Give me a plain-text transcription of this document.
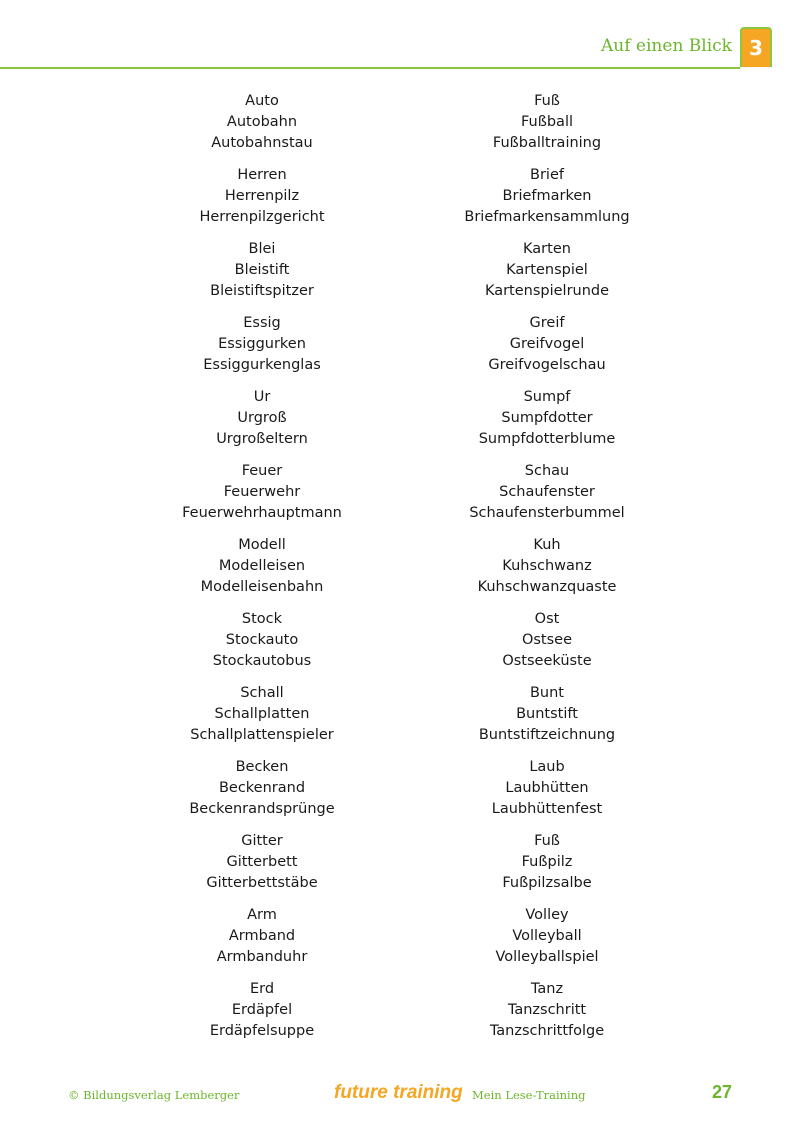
Auf einen Blick 3
Auto
Autobahn
Autobahnstau
Herren
Herrenpilz
Herrenpilzgericht
Blei
Bleistift
Bleistiftspitzer
Essig
Essiggurken
Essiggurkenglas
Ur
Urgroß
Urgroßeltern
Feuer
Feuerwehr
Feuerwehrhauptmann
Modell
Modelleisen
Modelleisenbahn
Stock
Stockauto
Stockautobus
Schall
Schallplatten
Schallplattenspieler
Becken
Beckenrand
Beckenrandsprünge
Gitter
Gitterbett
Gitterbettstäbe
Arm
Armband
Armbanduhr
Erd
Erdäpfel
Erdäpfelsuppe
Fuß
Fußball
Fußballtraining
Brief
Briefmarken
Briefmarkensammlung
Karten
Kartenspiel
Kartenspielrunde
Greif
Greifvogel
Greifvogelschau
Sumpf
Sumpfdotter
Sumpfdotterblume
Schau
Schaufenster
Schaufensterbummel
Kuh
Kuhschwanz
Kuhschwanzquaste
Ost
Ostsee
Ostseeküste
Bunt
Buntstift
Buntstiftzeichnung
Laub
Laubhütten
Laubhüttenfest
Fuß
Fußpilz
Fußpilzsalbe
Volley
Volleyball
Volleyballspiel
Tanz
Tanzschritt
Tanzschrittfolge
© Bildungsverlag Lemberger	future training Mein Lese-Training	27
